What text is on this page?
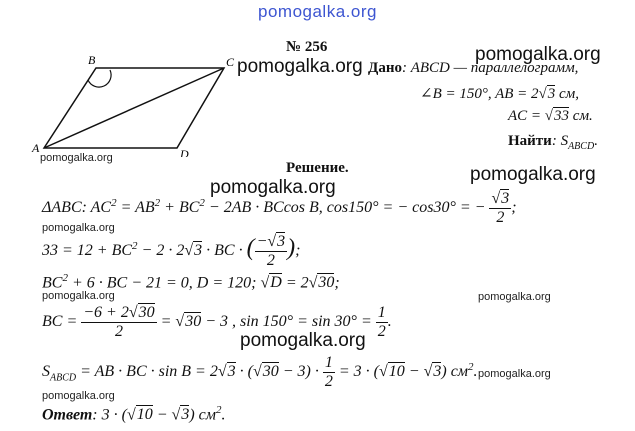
pomogalka.org
B	C
A	D
№ 256	pomogalka.org
pomogalka.org Дано: ABCD — параллелограмм,
∠B = 150°, AB = 2√3 см,
AC = √33 см.
Найти: $S_{ABCD}$.
pomogalka.org
Решение.	pomogalka.org
pomogalka.org
ΔABC: $AC^2 = AB^2 + BC^2 - 2AB \cdot BCcos$ B, cos150° = − cos30° = − $\frac{√3}{2}$ ;
pomogalka.org
$33 = 12 + BC^2 - 2 \cdot 2√3$ · BC · ( $\frac{-√3}{2}$ );
$BC^2 + 6$ · BC − 21 = 0, D = 120; √D = 2√30;
pomogalka.org	pomogalka.org
BC = $\frac{-6 + 2√30}{2} = √30 - 3$ , $\sin 150^\circ = \sin 30^\circ = \frac{1}{2}$ .
pomogalka.org
$S_{ABCD}$ = AB · BC · $\sin B = 2√3 \cdot (√30 - 3) \cdot \frac{1}{2} = 3 \cdot (√10 - √3)$ $см^2$. pomogalka.org
pomogalka.org
Ответ: 3 · (√10 − √3) $см^2$.
